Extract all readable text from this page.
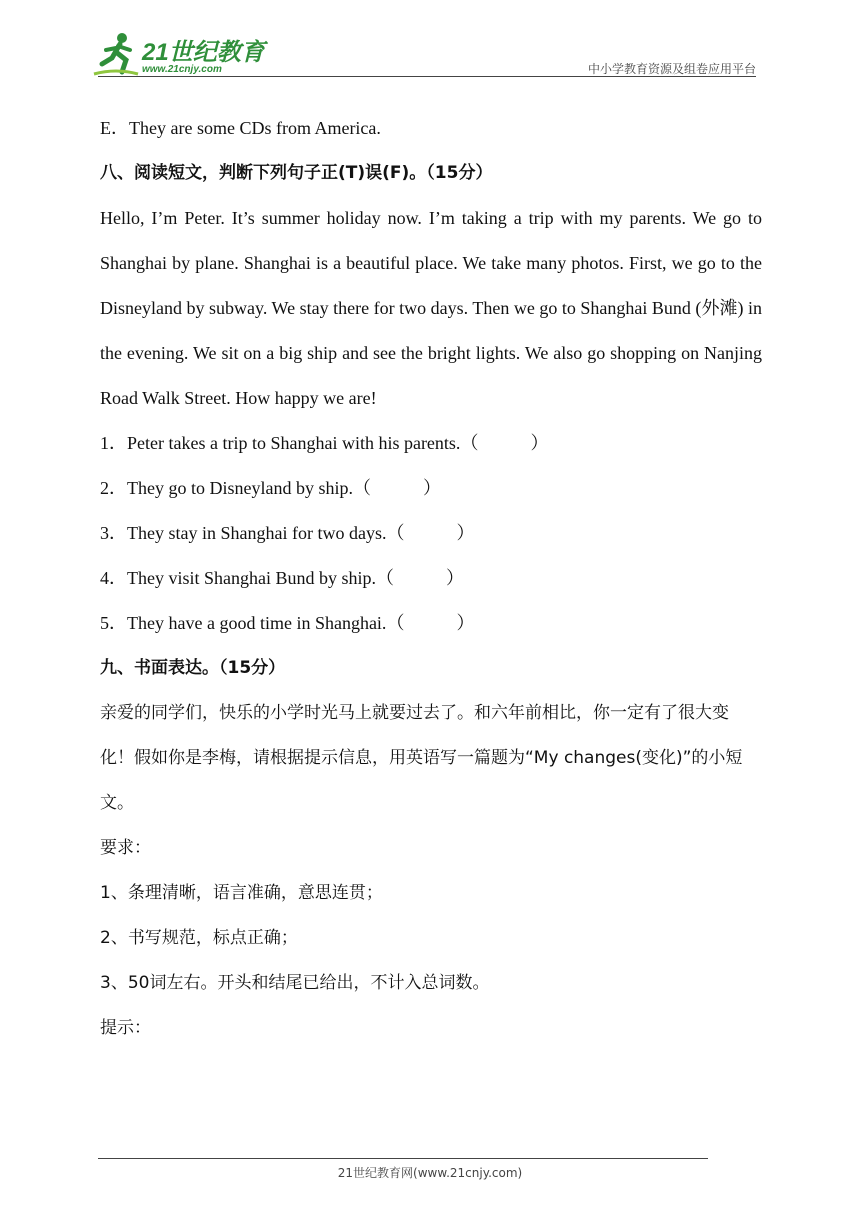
21世纪教育
www.21cnjy.com	中小学教育资源及组卷应用平台
E．They are some CDs from America.
八、阅读短文，判断下列句子正(T)误(F)。（15分）
Hello, I’m Peter. It’s summer holiday now. I’m taking a trip with my parents. We go to Shanghai by plane. Shanghai is a beautiful place. We take many photos. First, we go to the Disneyland by subway. We stay there for two days. Then we go to Shanghai Bund (外滩) in the evening. We sit on a big ship and see the bright lights. We also go shopping on Nanjing Road Walk Street. How happy we are!
1．Peter takes a trip to Shanghai with his parents.（	）
2．They go to Disneyland by ship.（	）
3．They stay in Shanghai for two days.（	）
4．They visit Shanghai Bund by ship.（	）
5．They have a good time in Shanghai.（	）
九、书面表达。（15分）
亲爱的同学们，快乐的小学时光马上就要过去了。和六年前相比，你一定有了很大变化！假如你是李梅，请根据提示信息，用英语写一篇题为“My changes(变化)”的小短文。
要求：
1、条理清晰，语言准确，意思连贯；
2、书写规范，标点正确；
3、50词左右。开头和结尾已给出，不计入总词数。
提示：
21世纪教育网(www.21cnjy.com)
